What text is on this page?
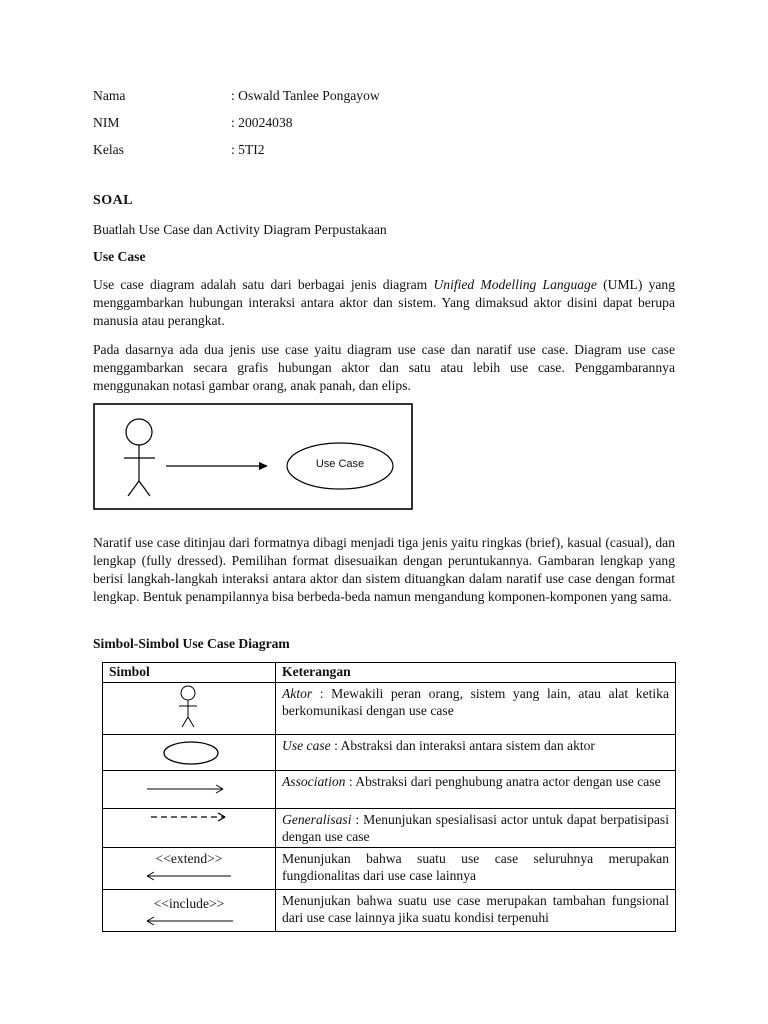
Nama	: Oswald Tanlee Pongayow
NIM	: 20024038
Kelas	: 5TI2
SOAL
Buatlah Use Case dan Activity Diagram Perpustakaan
Use Case
Use case diagram adalah satu dari berbagai jenis diagram Unified Modelling Language (UML) yang menggambarkan hubungan interaksi antara aktor dan sistem. Yang dimaksud aktor disini dapat berupa manusia atau perangkat.
Pada dasarnya ada dua jenis use case yaitu diagram use case dan naratif use case. Diagram use case menggambarkan secara grafis hubungan aktor dan satu atau lebih use case. Penggambarannya menggunakan notasi gambar orang, anak panah, dan elips.
Use Case
Naratif use case ditinjau dari formatnya dibagi menjadi tiga jenis yaitu ringkas (brief), kasual (casual), dan lengkap (fully dressed). Pemilihan format disesuaikan dengan peruntukannya. Gambaran lengkap yang berisi langkah-langkah interaksi antara aktor dan sistem dituangkan dalam naratif use case dengan format lengkap. Bentuk penampilannya bisa berbeda-beda namun mengandung komponen-komponen yang sama.
Simbol-Simbol Use Case Diagram
Simbol	Keterangan

	Aktor : Mewakili peran orang, sistem yang lain, atau alat ketika berkomunikasi dengan use case

	Use case : Abstraksi dan interaksi antara sistem dan aktor

	Association : Abstraksi dari penghubung anatra actor dengan use case

	Generalisasi : Menunjukan spesialisasi actor untuk dapat berpatisipasi dengan use case

<<extend>>	Menunjukan bahwa suatu use case seluruhnya merupakan fungdionalitas dari use case lainnya

<<include>>	Menunjukan bahwa suatu use case merupakan tambahan fungsional dari use case lainnya jika suatu kondisi terpenuhi
